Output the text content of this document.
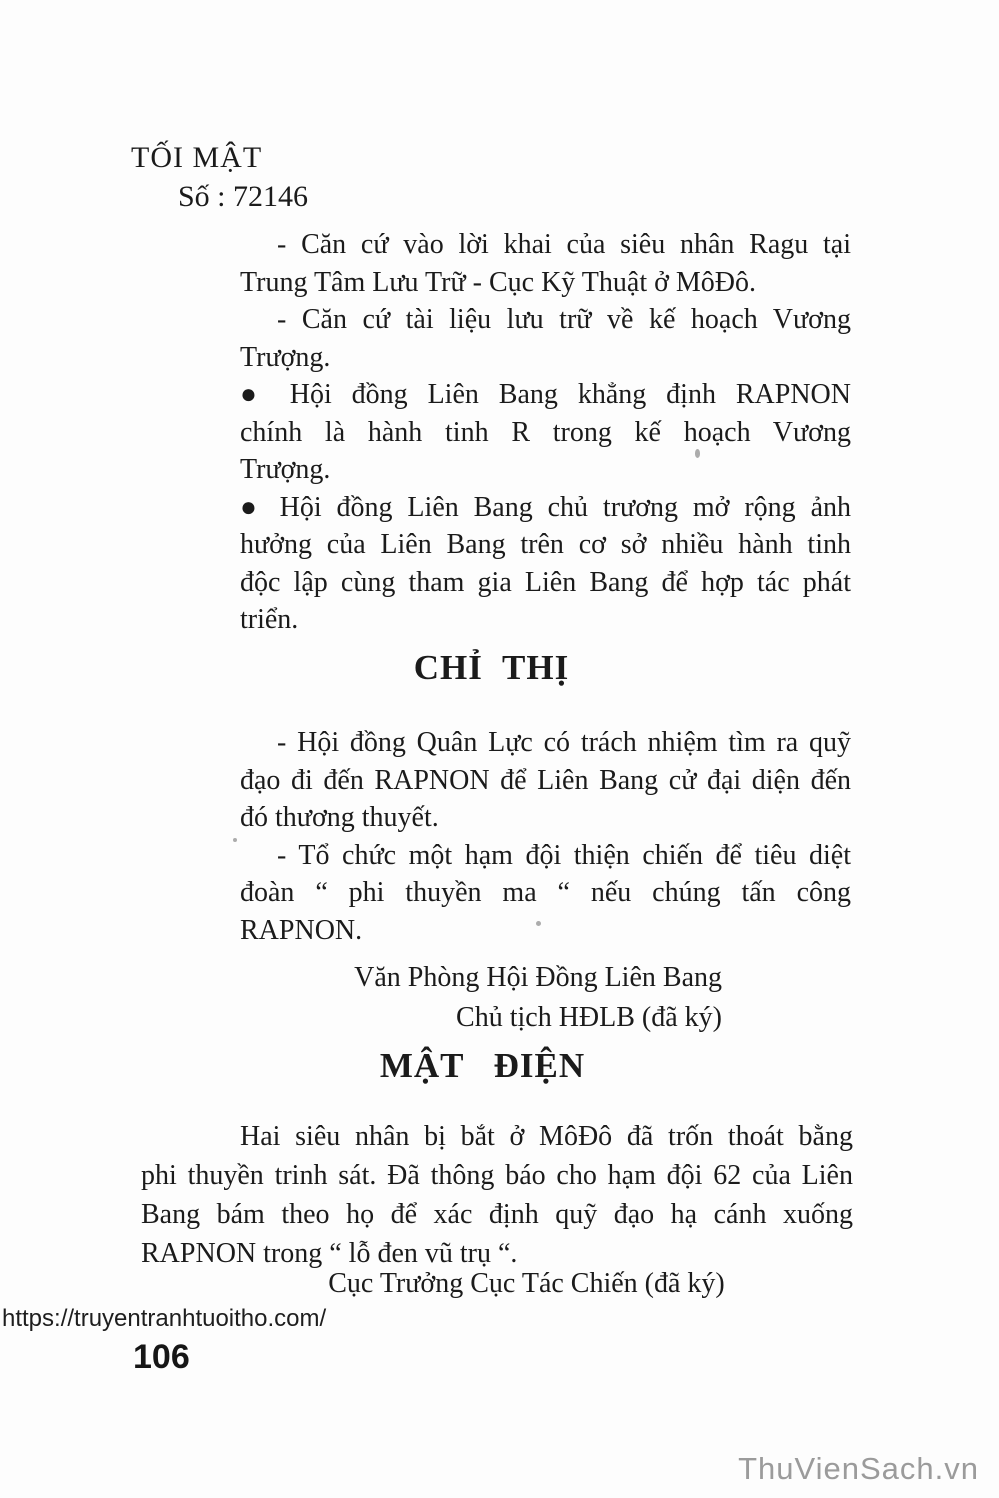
TỐI MẬT
Số : 72146
- Căn cứ vào lời khai của siêu nhân Ragu tại
Trung Tâm Lưu Trữ - Cục Kỹ Thuật ở MôĐô.
- Căn cứ tài liệu lưu trữ về kế hoạch Vương
Trượng.
● Hội đồng Liên Bang khẳng định RAPNON
chính là hành tinh R trong kế hoạch Vương
Trượng.
● Hội đồng Liên Bang chủ trương mở rộng ảnh
hưởng của Liên Bang trên cơ sở nhiều hành tinh
độc lập cùng tham gia Liên Bang để hợp tác phát
triển.
CHỈ THỊ
- Hội đồng Quân Lực có trách nhiệm tìm ra quỹ
đạo đi đến RAPNON để Liên Bang cử đại diện đến
đó thương thuyết.
- Tổ chức một hạm đội thiện chiến để tiêu diệt
đoàn “ phi thuyền ma “ nếu chúng tấn công
RAPNON.
Văn Phòng Hội Đồng Liên Bang
Chủ tịch HĐLB (đã ký)
MẬT ĐIỆN
Hai siêu nhân bị bắt ở MôĐô đã trốn thoát bằng
phi thuyền trinh sát. Đã thông báo cho hạm đội 62 của Liên
Bang bám theo họ để xác định quỹ đạo hạ cánh xuống
RAPNON trong “ lỗ đen vũ trụ “.
Cục Trưởng Cục Tác Chiến (đã ký)
https://truyentranhtuoitho.com/
106
ThuVienSach.vn
